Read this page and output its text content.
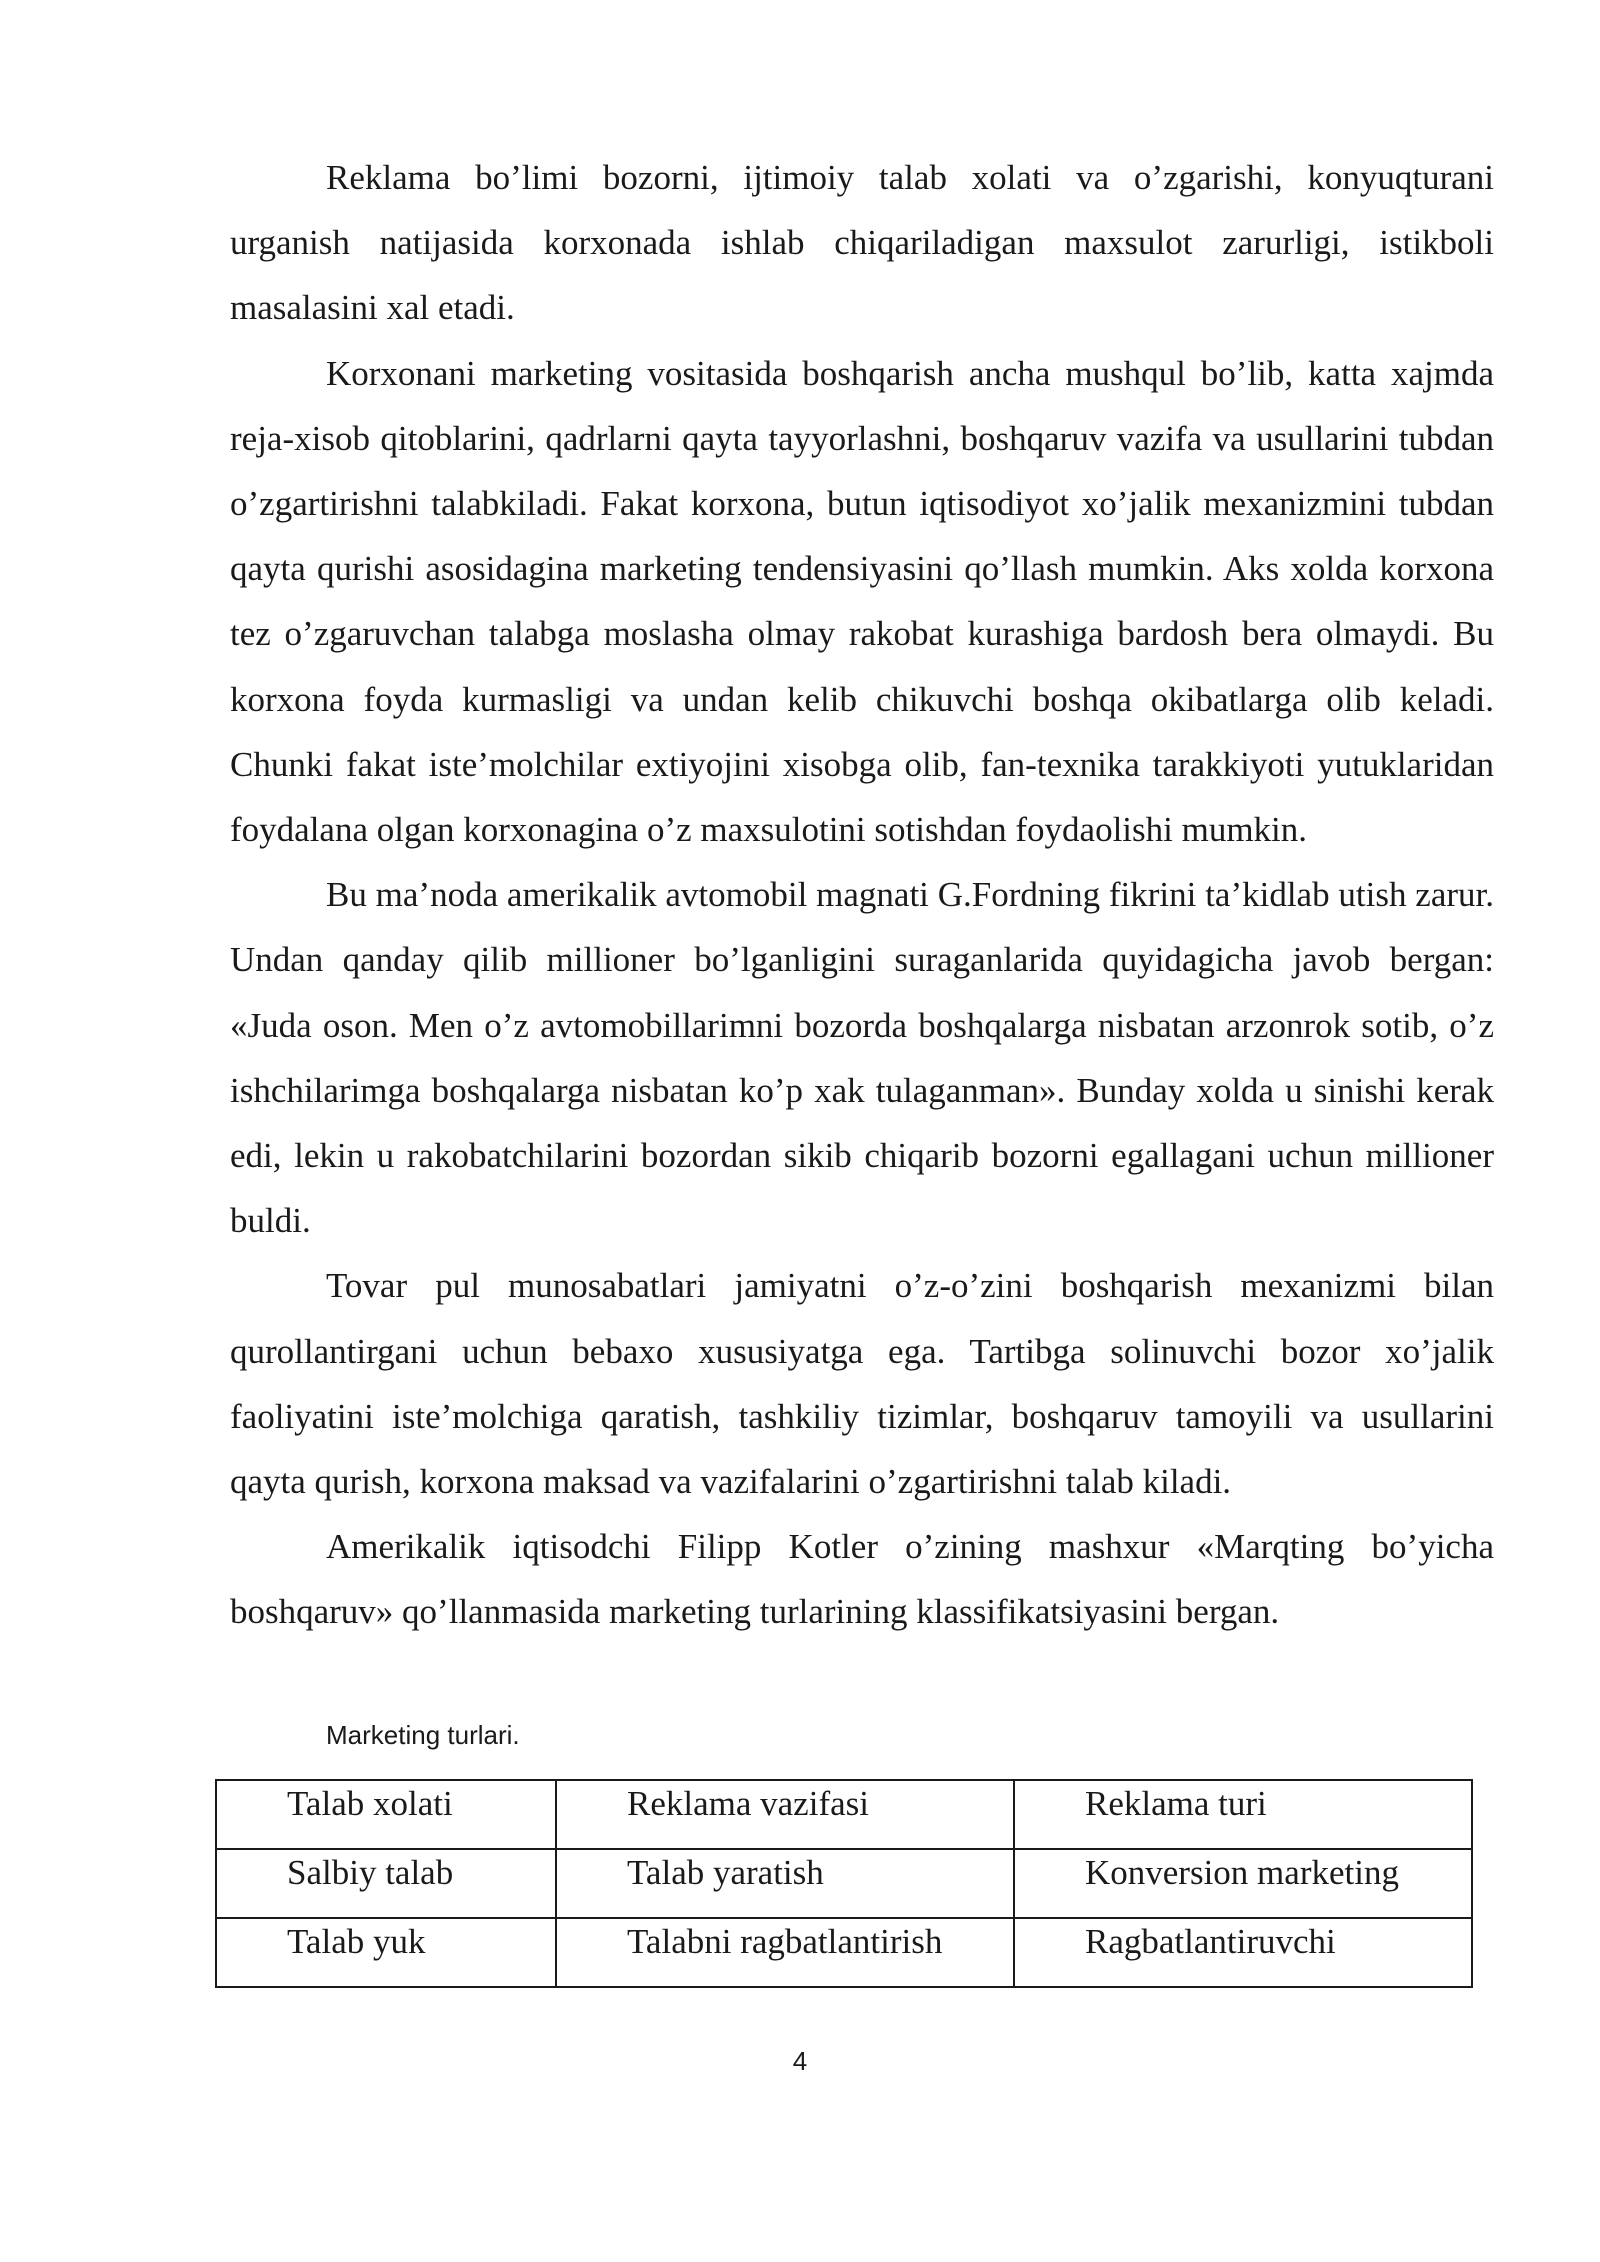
Reklama bo’limi bozorni, ijtimoiy talab xolati va o’zgarishi, konyuqturani urganish natijasida korxonada ishlab chiqariladigan maxsulot zarurligi, istikboli masalasini xal etadi.

Korxonani marketing vositasida boshqarish ancha mushqul bo’lib, katta xajmda reja-xisob qitoblarini, qadrlarni qayta tayyorlashni, boshqaruv vazifa va usullarini tubdan o’zgartirishni talabkiladi. Fakat korxona, butun iqtisodiyot xo’jalik mexanizmini tubdan qayta qurishi asosidagina marketing tendensiyasini qo’llash mumkin. Aks xolda korxona tez o’zgaruvchan talabga moslasha olmay rakobat kurashiga bardosh bera olmaydi. Bu korxona foyda kurmasligi va undan kelib chikuvchi boshqa okibatlarga olib keladi. Chunki fakat iste’molchilar extiyojini xisobga olib, fan-texnika tarakkiyoti yutuklaridan foydalana olgan korxonagina o’z maxsulotini sotishdan foydaolishi mumkin.

Bu ma’noda amerikalik avtomobil magnati G.Fordning fikrini ta’kidlab utish zarur. Undan qanday qilib millioner bo’lganligini suraganlarida quyidagicha javob bergan: «Juda oson. Men o’z avtomobillarimni bozorda boshqalarga nisbatan arzonrok sotib, o’z ishchilarimga boshqalarga nisbatan ko’p xak tulaganman». Bunday xolda u sinishi kerak edi, lekin u rakobatchilarini bozordan sikib chiqarib bozorni egallagani uchun millioner buldi.

Tovar pul munosabatlari jamiyatni o’z-o’zini boshqarish mexanizmi bilan qurollantirgani uchun bebaxo xususiyatga ega. Tartibga solinuvchi bozor xo’jalik faoliyatini iste’molchiga qaratish, tashkiliy tizimlar, boshqaruv tamoyili va usullarini qayta qurish, korxona maksad va vazifalarini o’zgartirishni talab kiladi.

Amerikalik iqtisodchi Filipp Kotler o’zining mashxur «Marqting bo’yicha boshqaruv» qo’llanmasida marketing turlarining klassifikatsiyasini bergan.

Marketing turlari.
Talab xolati	Reklama vazifasi	Reklama turi
Salbiy talab	Talab yaratish	Konversion marketing
Talab yuk	Talabni ragbatlantirish	Ragbatlantiruvchi
4
